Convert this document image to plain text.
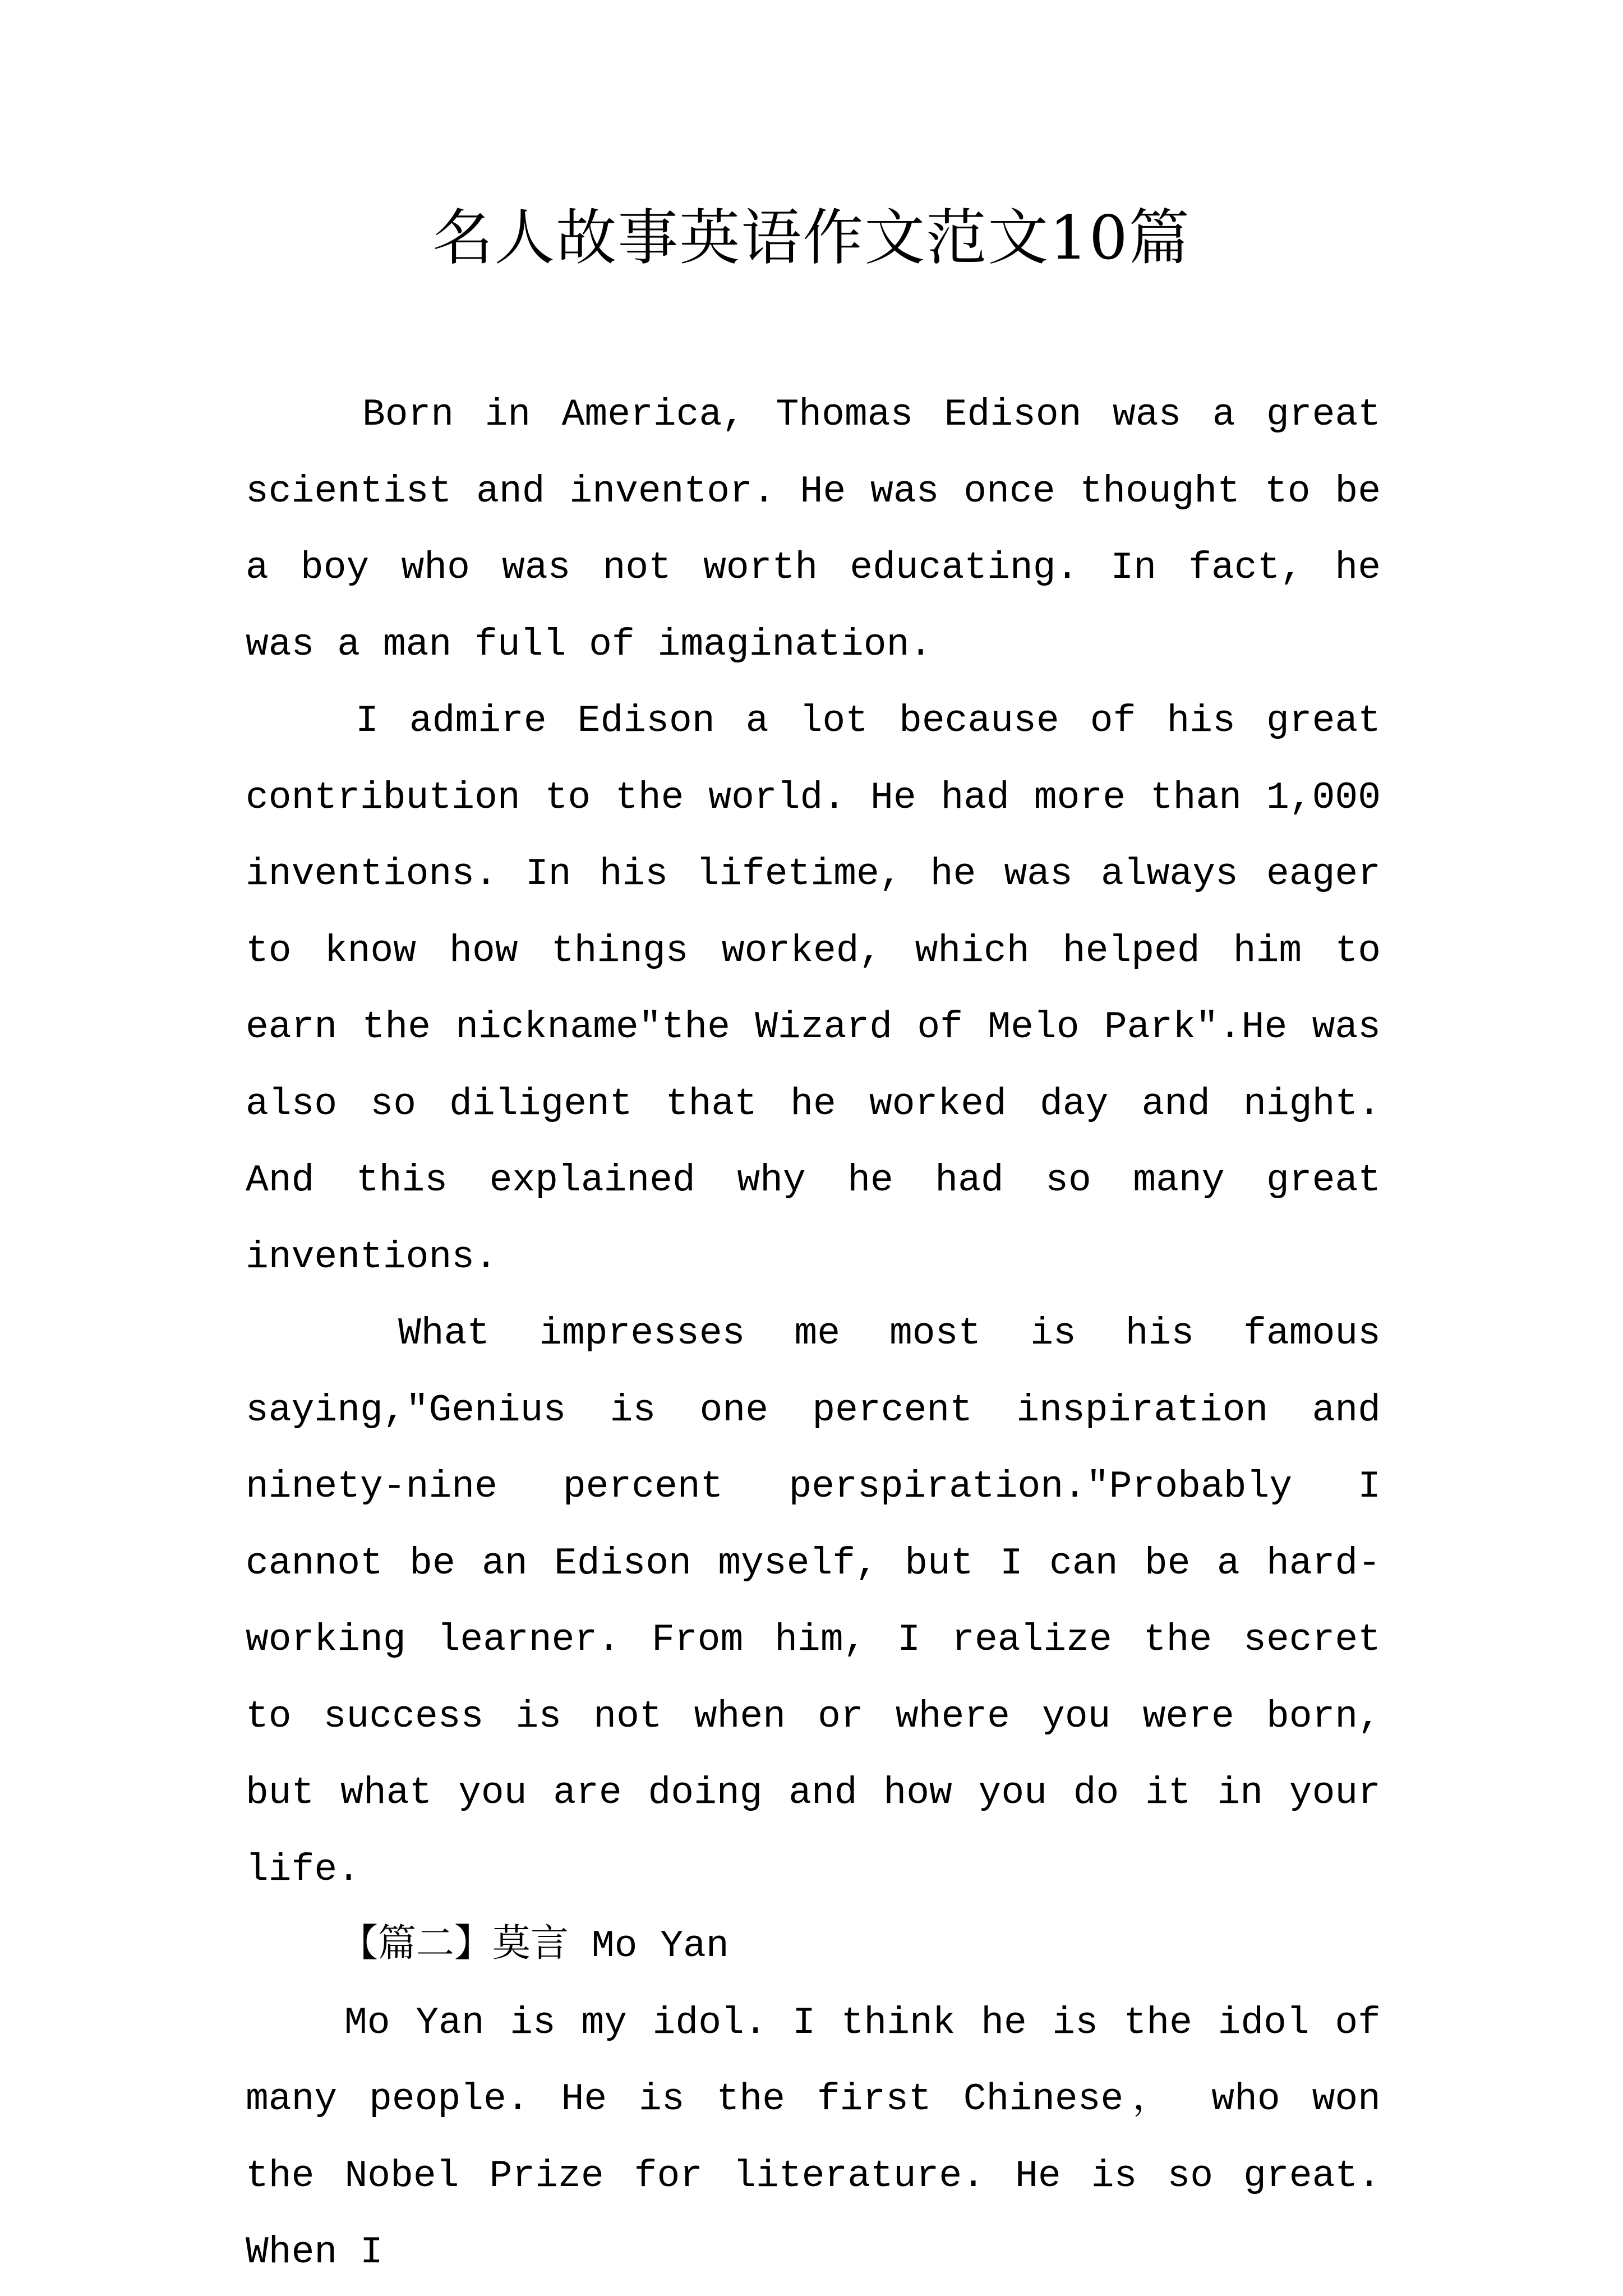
名人故事英语作文范文10篇

Born in America, Thomas Edison was a great scientist and inventor. He was once thought to be a boy who was not worth educating. In fact, he was a man full of imagination.

I admire Edison a lot because of his great contribution to the world. He had more than 1,000 inventions. In his lifetime, he was always eager to know how things worked, which helped him to earn the nickname"the Wizard of Melo Park".He was also so diligent that he worked day and night. And this explained why he had so many great inventions.

What impresses me most is his famous saying,"Genius is one percent inspiration and ninety-nine percent perspiration."Probably I cannot be an Edison myself, but I can be a hard-working learner. From him, I realize the secret to success is not when or where you were born, but what you are doing and how you do it in your life.

【篇二】莫言 Mo Yan

Mo Yan is my idol. I think he is the idol of many people. He is the first Chinese， who won the Nobel Prize for literature. He is so great. When I
